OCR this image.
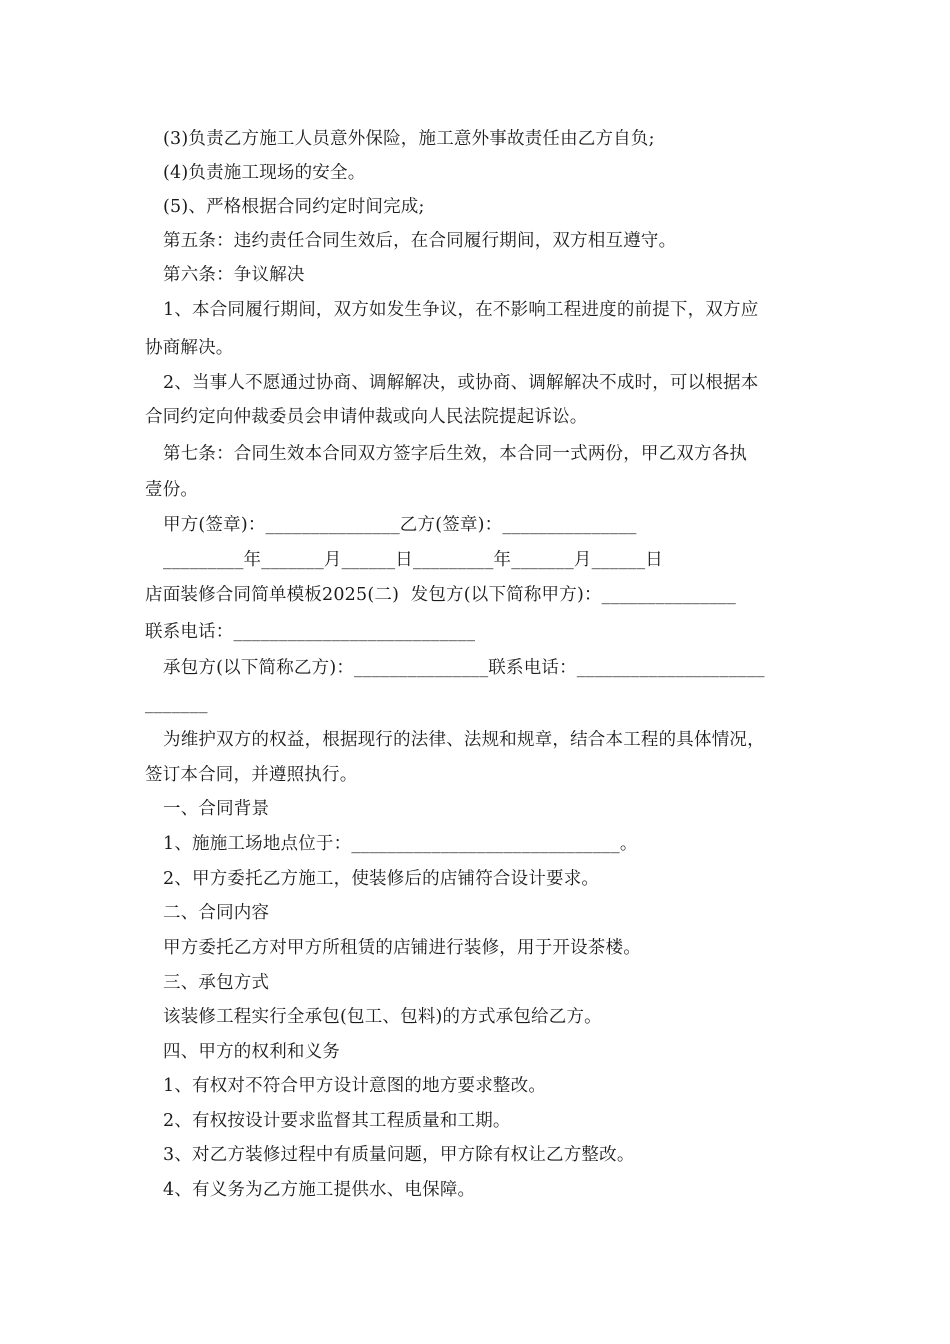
(3)负责乙方施工人员意外保险，施工意外事故责任由乙方自负;
(4)负责施工现场的安全。
(5)、严格根据合同约定时间完成;
第五条：违约责任合同生效后，在合同履行期间，双方相互遵守。
第六条：争议解决
1、本合同履行期间，双方如发生争议，在不影响工程进度的前提下，双方应
协商解决。
2、当事人不愿通过协商、调解解决，或协商、调解解决不成时，可以根据本
合同约定向仲裁委员会申请仲裁或向人民法院提起诉讼。
第七条：合同生效本合同双方签字后生效，本合同一式两份，甲乙双方各执
壹份。
甲方(签章)：_______________乙方(签章)：_______________
_________年_______月______日_________年_______月______日
店面装修合同简单模板2025(二)  发包方(以下简称甲方)：_______________
联系电话：___________________________
承包方(以下简称乙方)：_______________联系电话：_____________________
_______
为维护双方的权益，根据现行的法律、法规和规章，结合本工程的具体情况，
签订本合同，并遵照执行。
一、合同背景
1、施施工场地点位于：______________________________。
2、甲方委托乙方施工，使装修后的店铺符合设计要求。
二、合同内容
甲方委托乙方对甲方所租赁的店铺进行装修，用于开设茶楼。
三、承包方式
该装修工程实行全承包(包工、包料)的方式承包给乙方。
四、甲方的权利和义务
1、有权对不符合甲方设计意图的地方要求整改。
2、有权按设计要求监督其工程质量和工期。
3、对乙方装修过程中有质量问题，甲方除有权让乙方整改。
4、有义务为乙方施工提供水、电保障。
